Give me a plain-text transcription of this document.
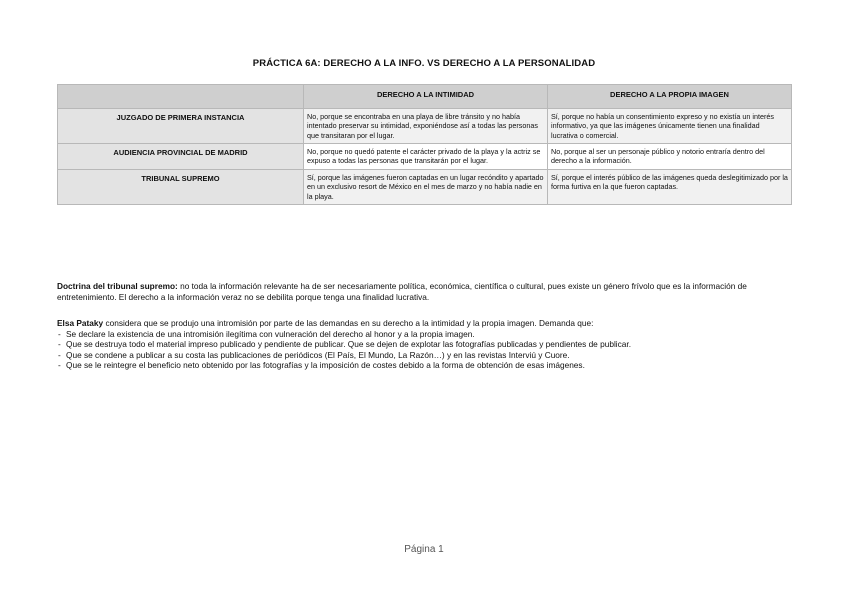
PRÁCTICA 6A: DERECHO A LA INFO. VS DERECHO A LA PERSONALIDAD
	DERECHO A LA INTIMIDAD	DERECHO A LA PROPIA IMAGEN
JUZGADO DE PRIMERA INSTANCIA	No, porque se encontraba en una playa de libre tránsito y no había intentado preservar su intimidad, exponiéndose así a todas las personas que transitaran por el lugar.	Sí, porque no había un consentimiento expreso y no existía un interés informativo, ya que las imágenes únicamente tienen una finalidad lucrativa o comercial.
AUDIENCIA PROVINCIAL DE MADRID	No, porque no quedó patente el carácter privado de la playa y la actriz se expuso a todas las personas que transitarán por el lugar.	No, porque al ser un personaje público y notorio entraría dentro del derecho a la información.
TRIBUNAL SUPREMO	Sí, porque las imágenes fueron captadas en un lugar recóndito y apartado en un exclusivo resort de México en el mes de marzo y no había nadie en la playa.	Sí, porque el interés público de las imágenes queda deslegitimizado por la forma furtiva en la que fueron captadas.
Doctrina del tribunal supremo: no toda la información relevante ha de ser necesariamente política, económica, científica o cultural, pues existe un género frívolo que es la información de entretenimiento. El derecho a la información veraz no se debilita porque tenga una finalidad lucrativa.
Elsa Pataky considera que se produjo una intromisión por parte de las demandas en su derecho a la intimidad y la propia imagen. Demanda que:
- Se declare la existencia de una intromisión ilegítima con vulneración del derecho al honor y a la propia imagen.
- Que se destruya todo el material impreso publicado y pendiente de publicar. Que se dejen de explotar las fotografías publicadas y pendientes de publicar.
- Que se condene a publicar a su costa las publicaciones de periódicos (El País, El Mundo, La Razón…) y en las revistas Interviú y Cuore.
- Que se le reintegre el beneficio neto obtenido por las fotografías y la imposición de costes debido a la forma de obtención de esas imágenes.
Página 1
